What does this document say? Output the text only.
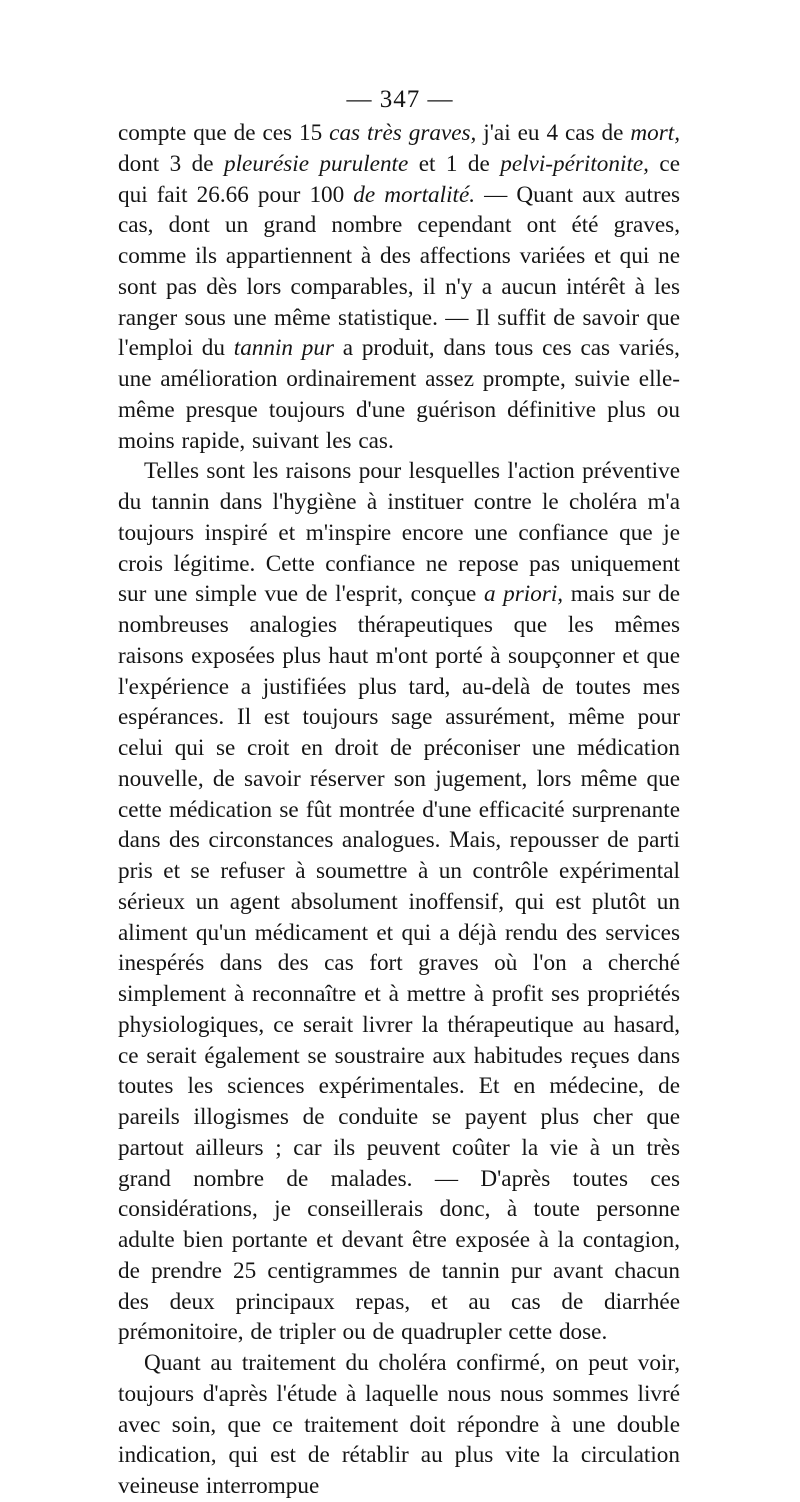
— 347 —

compte que de ces 15 cas très graves, j'ai eu 4 cas de mort, dont 3 de pleurésie purulente et 1 de pelvi-péritonite, ce qui fait 26.66 pour 100 de mortalité. — Quant aux autres cas, dont un grand nombre cependant ont été graves, comme ils appartiennent à des affections variées et qui ne sont pas dès lors comparables, il n'y a aucun intérêt à les ranger sous une même statistique. — Il suffit de savoir que l'emploi du tannin pur a produit, dans tous ces cas variés, une amélioration ordinairement assez prompte, suivie elle-même presque toujours d'une guérison définitive plus ou moins rapide, suivant les cas.

Telles sont les raisons pour lesquelles l'action préventive du tannin dans l'hygiène à instituer contre le choléra m'a toujours inspiré et m'inspire encore une confiance que je crois légitime. Cette confiance ne repose pas uniquement sur une simple vue de l'esprit, conçue a priori, mais sur de nombreuses analogies thérapeutiques que les mêmes raisons exposées plus haut m'ont porté à soupçonner et que l'expérience a justifiées plus tard, au-delà de toutes mes espérances. Il est toujours sage assurément, même pour celui qui se croit en droit de préconiser une médication nouvelle, de savoir réserver son jugement, lors même que cette médication se fût montrée d'une efficacité surprenante dans des circonstances analogues. Mais, repousser de parti pris et se refuser à soumettre à un contrôle expérimental sérieux un agent absolument inoffensif, qui est plutôt un aliment qu'un médicament et qui a déjà rendu des services inespérés dans des cas fort graves où l'on a cherché simplement à reconnaître et à mettre à profit ses propriétés physiologiques, ce serait livrer la thérapeutique au hasard, ce serait également se soustraire aux habitudes reçues dans toutes les sciences expérimentales. Et en médecine, de pareils illogismes de conduite se payent plus cher que partout ailleurs ; car ils peuvent coûter la vie à un très grand nombre de malades. — D'après toutes ces considérations, je conseillerais donc, à toute personne adulte bien portante et devant être exposée à la contagion, de prendre 25 centigrammes de tannin pur avant chacun des deux principaux repas, et au cas de diarrhée prémonitoire, de tripler ou de quadrupler cette dose.

Quant au traitement du choléra confirmé, on peut voir, toujours d'après l'étude à laquelle nous nous sommes livré avec soin, que ce traitement doit répondre à une double indication, qui est de rétablir au plus vite la circulation veineuse interrompue
